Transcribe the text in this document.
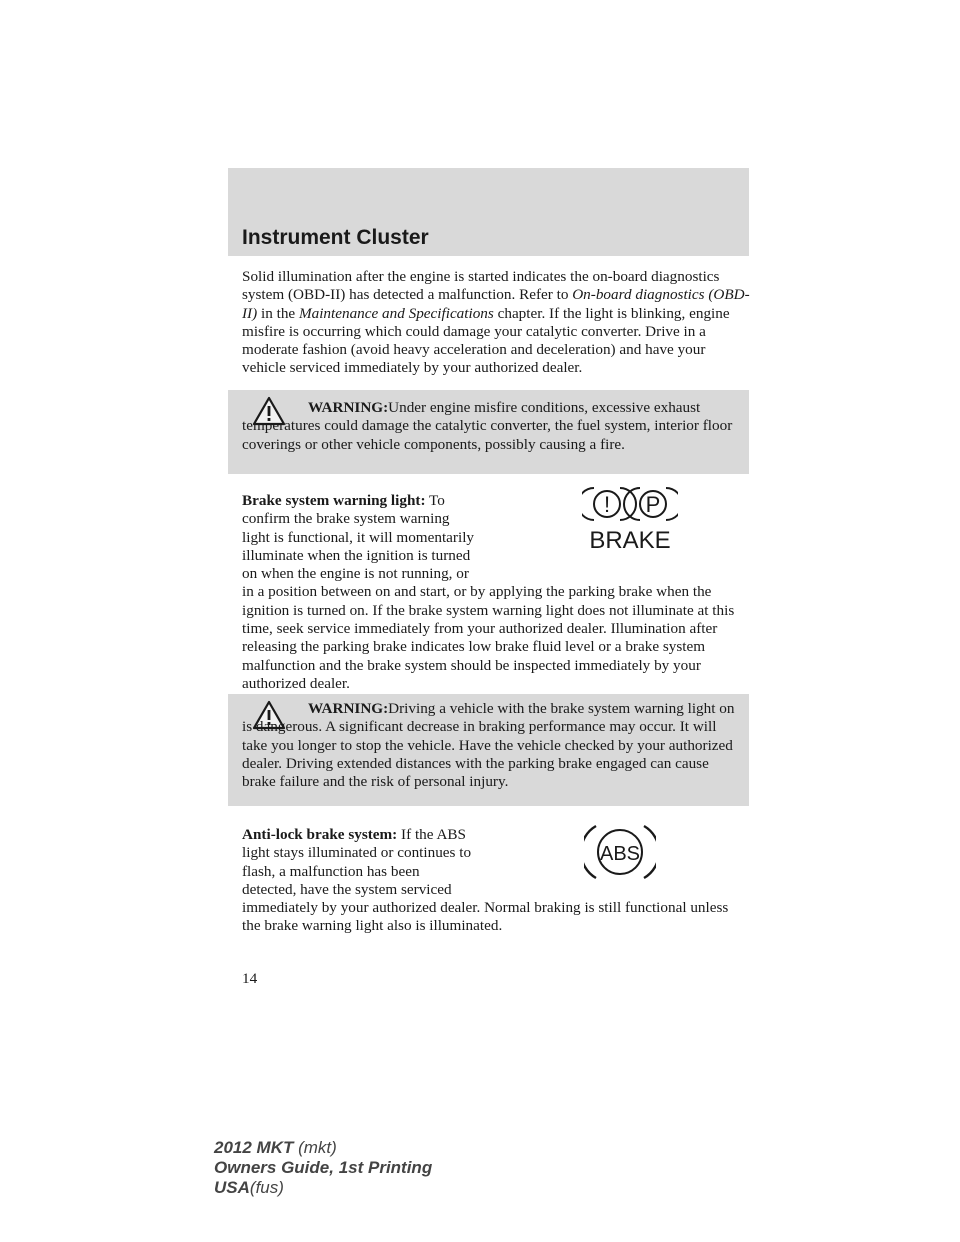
Instrument Cluster

Solid illumination after the engine is started indicates the on-board diagnostics system (OBD-II) has detected a malfunction. Refer to On-board diagnostics (OBD-II) in the Maintenance and Specifications chapter. If the light is blinking, engine misfire is occurring which could damage your catalytic converter. Drive in a moderate fashion (avoid heavy acceleration and deceleration) and have your vehicle serviced immediately by your authorized dealer.

WARNING:Under engine misfire conditions, excessive exhaust temperatures could damage the catalytic converter, the fuel system, interior floor coverings or other vehicle components, possibly causing a fire.

Brake system warning light: To confirm the brake system warning light is functional, it will momentarily illuminate when the ignition is turned on when the engine is not running, or in a position between on and start, or by applying the parking brake when the ignition is turned on. If the brake system warning light does not illuminate at this time, seek service immediately from your authorized dealer. Illumination after releasing the parking brake indicates low brake fluid level or a brake system malfunction and the brake system should be inspected immediately by your authorized dealer.

! P
BRAKE

WARNING:Driving a vehicle with the brake system warning light on is dangerous. A significant decrease in braking performance may occur. It will take you longer to stop the vehicle. Have the vehicle checked by your authorized dealer. Driving extended distances with the parking brake engaged can cause brake failure and the risk of personal injury.

Anti-lock brake system: If the ABS light stays illuminated or continues to flash, a malfunction has been detected, have the system serviced immediately by your authorized dealer. Normal braking is still functional unless the brake warning light also is illuminated.

ABS
14
2012 MKT (mkt)
Owners Guide, 1st Printing
USA(fus)
